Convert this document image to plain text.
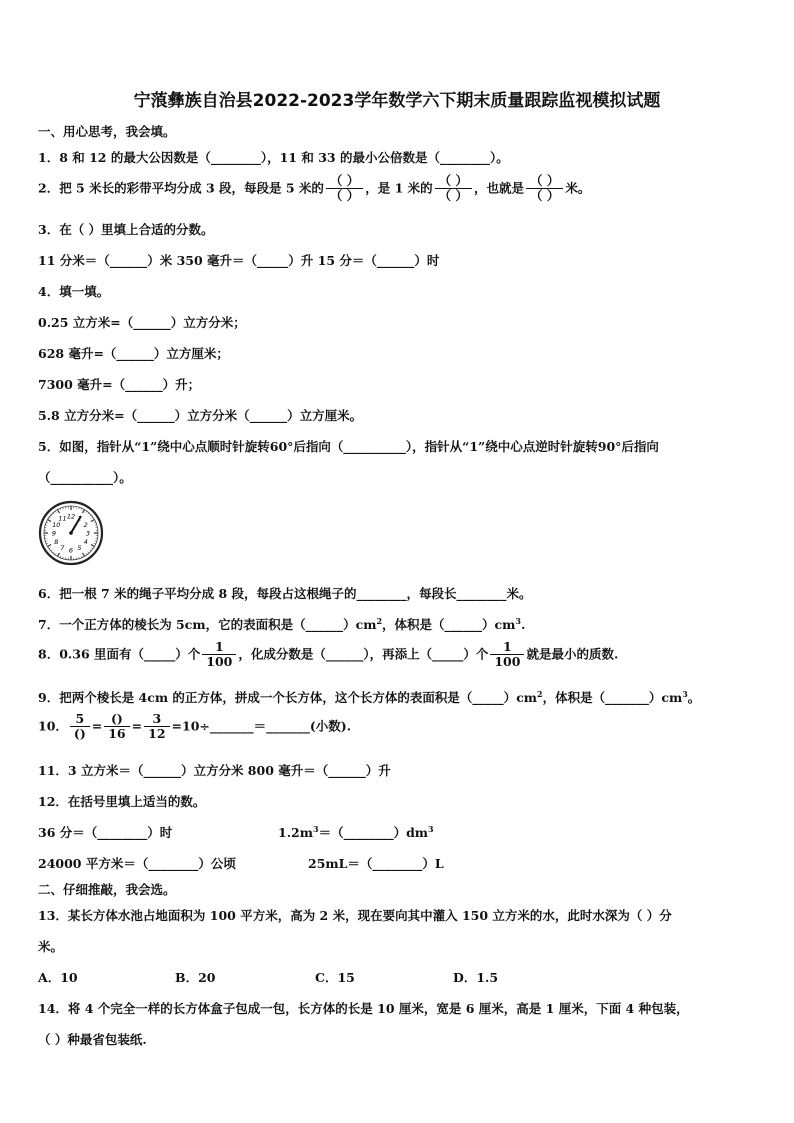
宁蒗彝族自治县2022-2023学年数学六下期末质量跟踪监视模拟试题
一、用心思考，我会填。
1．8 和 12 的最大公因数是（________），11 和 33 的最小公倍数是（________）。
2．把 5 米长的彩带平均分成 3 段，每段是 5 米的 $\frac{( )}{( )}$ ，是 1 米的 $\frac{( )}{( )}$ ，也就是 $\frac{( )}{( )}$ 米。
3．在（ ）里填上合适的分数。
11 分米＝（______）米 350 毫升＝（_____）升 15 分＝（______）时
4．填一填。
0.25 立方米=（______）立方分米；
628 毫升=（______）立方厘米；
7300 毫升=（______）升；
5.8 立方分米=（______）立方分米（______）立方厘米。
5．如图，指针从“1”绕中心点顺时针旋转60°后指向（__________），指针从“1”绕中心点逆时针旋转90°后指向
（__________）。
12
2
3
4
5
6
7
8
9
10
11
6．把一根 7 米的绳子平均分成 8 段，每段占这根绳子的________，每段长________米。
7．一个正方体的棱长为 5cm，它的表面积是$(\_\_\_\_\_\_)cm^2$，体积是$(\_\_\_\_\_\_)cm^3$.
8．0.36 里面有（_____）个 $\frac{1}{100}$ ，化成分数是（______），再添上（_____）个 $\frac{1}{100}$ 就是最小的质数.
9．把两个棱长是 4cm 的正方体，拼成一个长方体，这个长方体的表面积是$(\_\_\_\_\_)cm^2$，体积是$(\_\_\_\_\_\_\_)cm^3$。
10． $\frac{5}{()} = \frac{()}{16} = \frac{3}{12}$ =10÷_______＝_______(小数).
11．3 立方米＝（______）立方分米 800 毫升＝（______）升
12．在括号里填上适当的数。
36 分＝（________）时	$1.2m^3=(\_\_\_\_\_\_\_\_)dm^3$
24000 平方米＝（________）公顷	25mL＝（________）L
二、仔细推敲，我会选。
13．某长方体水池占地面积为 100 平方米，高为 2 米，现在要向其中灌入 150 立方米的水，此时水深为（ ）分
米。
A．10	B．20	C．15	D．1.5
14．将 4 个完全一样的长方体盒子包成一包，长方体的长是 10 厘米，宽是 6 厘米，高是 1 厘米，下面 4 种包装，
（ ）种最省包装纸.
